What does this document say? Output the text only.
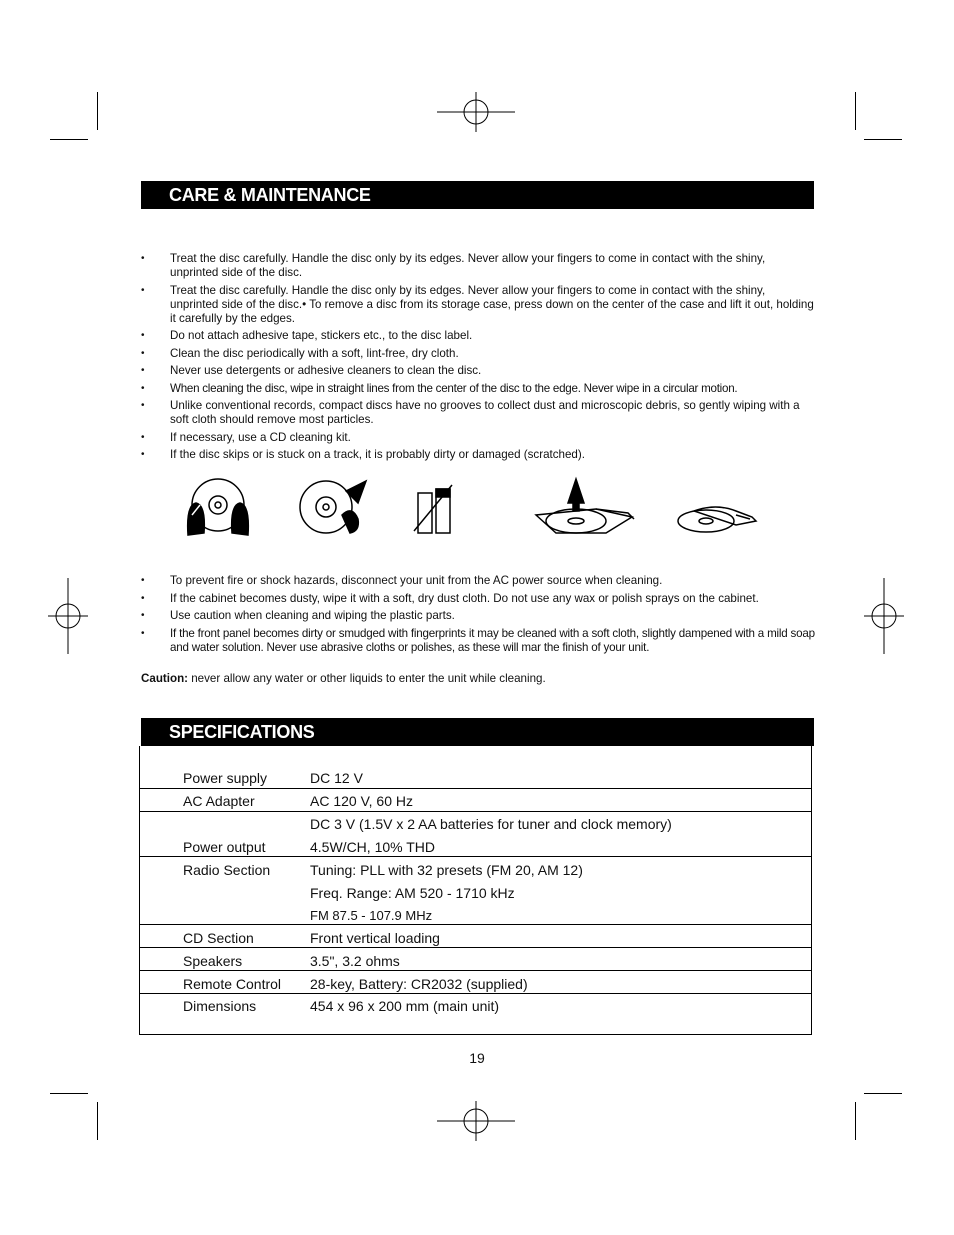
CARE & MAINTENANCE
• Treat the disc carefully. Handle the disc only by its edges. Never allow your fingers to come in contact with the shiny, unprinted side of the disc.
• Treat the disc carefully. Handle the disc only by its edges. Never allow your fingers to come in contact with the shiny, unprinted side of the disc.• To remove a disc from its storage case, press down on the center of the case and lift it out, holding it carefully by the edges.
• Do not attach adhesive tape, stickers etc., to the disc label.
• Clean the disc periodically with a soft, lint-free, dry cloth.
• Never use detergents or adhesive cleaners to clean the disc.
• When cleaning the disc, wipe in straight lines from the center of the disc to the edge. Never wipe in a circular motion.
• Unlike conventional records, compact discs have no grooves to collect dust and microscopic debris, so gently wiping with a soft cloth should remove most particles.
• If necessary, use a CD cleaning kit.
• If the disc skips or is stuck on a track, it is probably dirty or damaged (scratched).
• To prevent fire or shock hazards, disconnect your unit from the AC power source when cleaning.
• If the cabinet becomes dusty, wipe it with a soft, dry dust cloth. Do not use any wax or polish sprays on the cabinet.
• Use caution when cleaning and wiping the plastic parts.
• If the front panel becomes dirty or smudged with fingerprints it may be cleaned with a soft cloth, slightly dampened with a mild soap and water solution. Never use abrasive cloths or polishes, as these will mar the finish of your unit.
Caution: never allow any water or other liquids to enter the unit while cleaning.
SPECIFICATIONS
Power supply	DC 12 V
AC Adapter	AC 120 V, 60 Hz
DC 3 V (1.5V x 2 AA batteries for tuner and clock memory)
Power output	4.5W/CH, 10% THD
Radio Section	Tuning: PLL with 32 presets (FM 20, AM 12)
Freq. Range: AM 520 - 1710 kHz
FM 87.5 - 107.9 MHz
CD Section	Front vertical loading
Speakers	3.5", 3.2 ohms
Remote Control 28-key, Battery: CR2032 (supplied)
Dimensions	454 x 96 x 200 mm (main unit)
19
